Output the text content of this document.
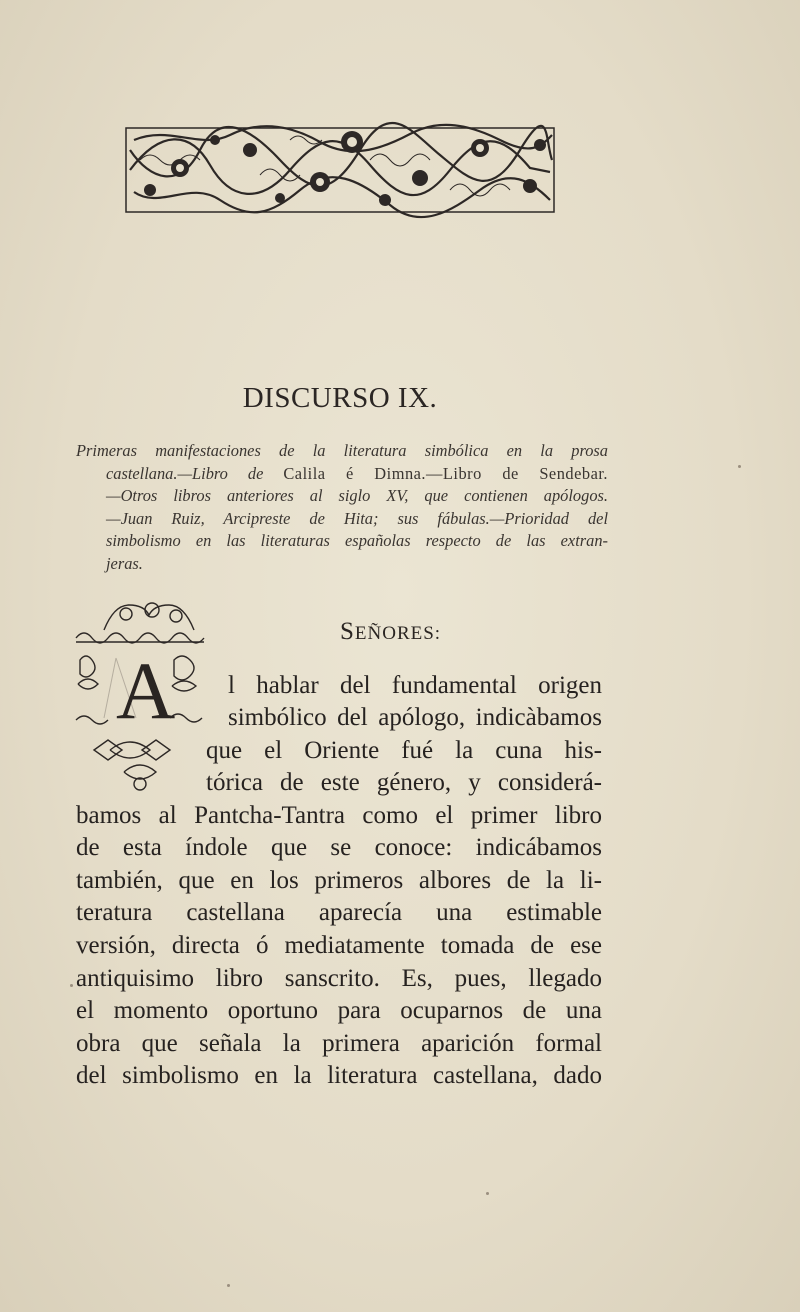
DISCURSO IX.
Primeras manifestaciones de la literatura simbólica en la prosa
castellana.—Libro de Calila é Dimna.—Libro de Sendebar.
—Otros libros anteriores al siglo XV, que contienen apólogos.
—Juan Ruiz, Arcipreste de Hita; sus fábulas.—Prioridad del
simbolismo en las literaturas españolas respecto de las extran-
jeras.
SEÑORES:
A l hablar del fundamental origen
simbólico del apólogo, indicàbamos
que el Oriente fué la cuna his-
tórica de este género, y considerá-
bamos al Pantcha-Tantra como el primer libro
de esta índole que se conoce: indicábamos
también, que en los primeros albores de la li-
teratura castellana aparecía una estimable
versión, directa ó mediatamente tomada de ese
antiquisimo libro sanscrito. Es, pues, llegado
el momento oportuno para ocuparnos de una
obra que señala la primera aparición formal
del simbolismo en la literatura castellana, dado
